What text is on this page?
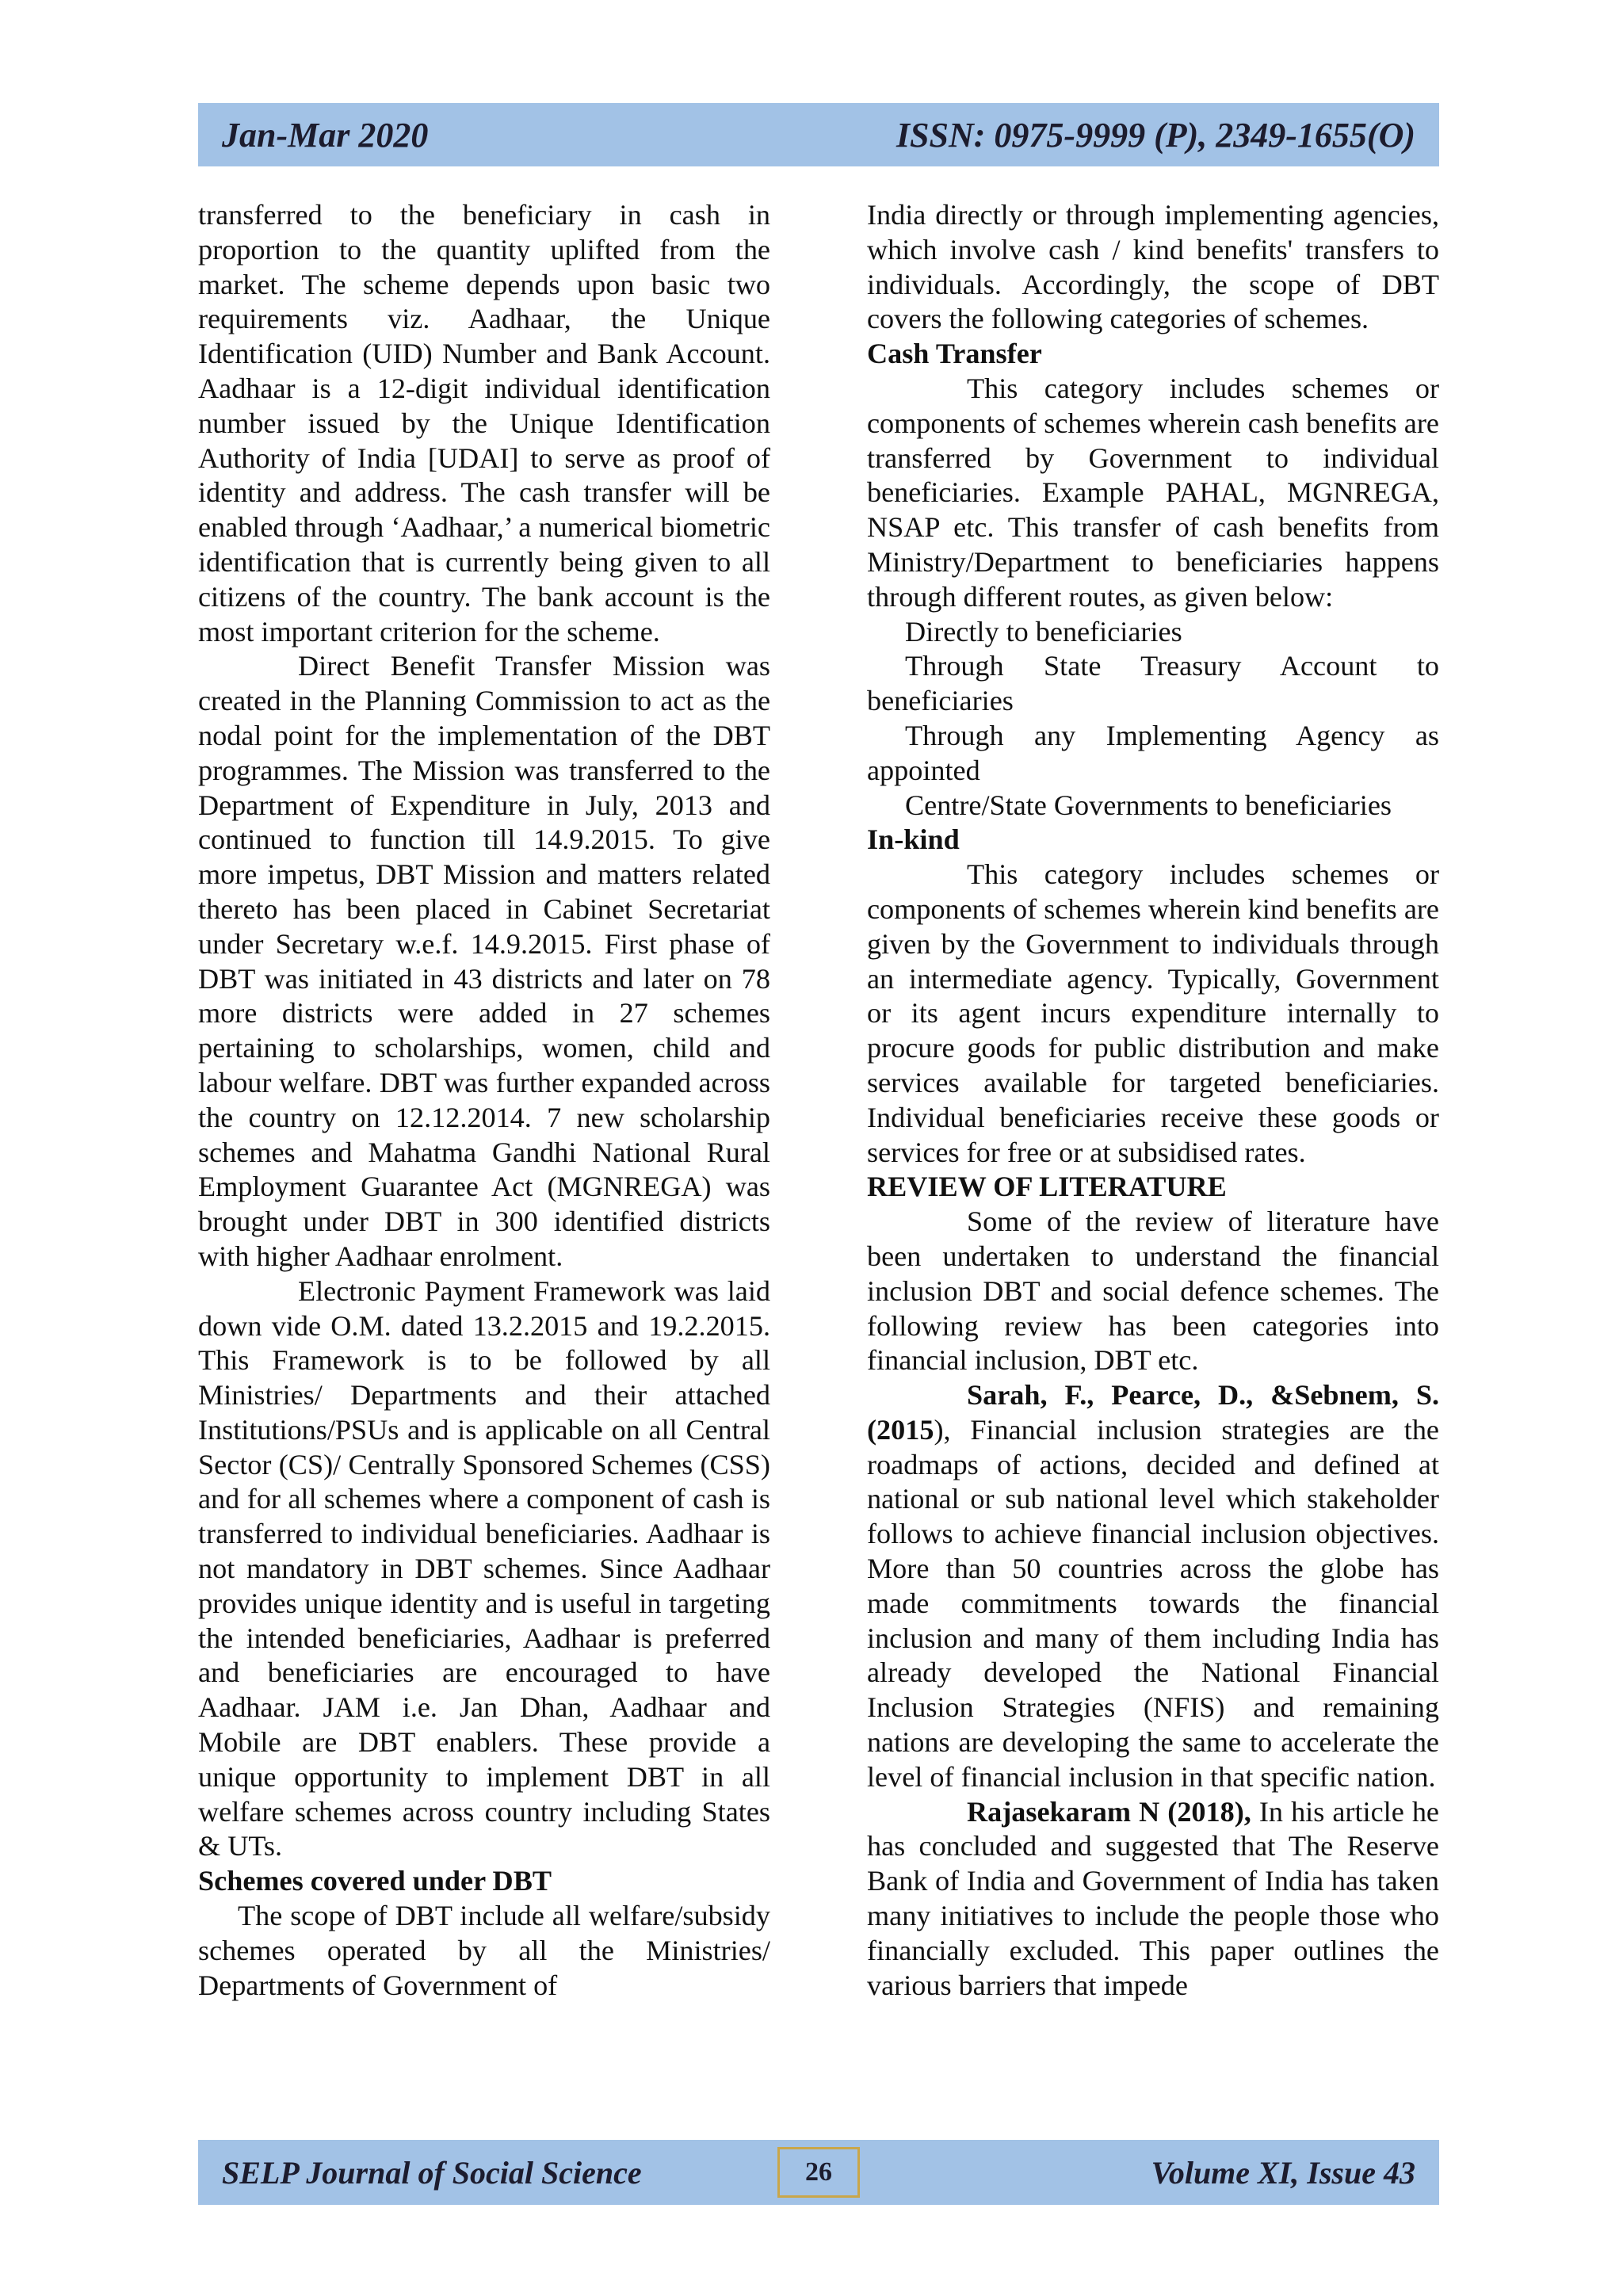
Jan-Mar 2020	ISSN: 0975-9999 (P), 2349-1655(O)

transferred to the beneficiary in cash in proportion to the quantity uplifted from the market. The scheme depends upon basic two requirements viz. Aadhaar, the Unique Identification (UID) Number and Bank Account. Aadhaar is a 12-digit individual identification number issued by the Unique Identification Authority of India [UDAI] to serve as proof of identity and address. The cash transfer will be enabled through ‘Aadhaar,’ a numerical biometric identification that is currently being given to all citizens of the country. The bank account is the most important criterion for the scheme.

Direct Benefit Transfer Mission was created in the Planning Commission to act as the nodal point for the implementation of the DBT programmes. The Mission was transferred to the Department of Expenditure in July, 2013 and continued to function till 14.9.2015. To give more impetus, DBT Mission and matters related thereto has been placed in Cabinet Secretariat under Secretary w.e.f. 14.9.2015. First phase of DBT was initiated in 43 districts and later on 78 more districts were added in 27 schemes pertaining to scholarships, women, child and labour welfare. DBT was further expanded across the country on 12.12.2014. 7 new scholarship schemes and Mahatma Gandhi National Rural Employment Guarantee Act (MGNREGA) was brought under DBT in 300 identified districts with higher Aadhaar enrolment.

Electronic Payment Framework was laid down vide O.M. dated 13.2.2015 and 19.2.2015. This Framework is to be followed by all Ministries/ Departments and their attached Institutions/PSUs and is applicable on all Central Sector (CS)/ Centrally Sponsored Schemes (CSS) and for all schemes where a component of cash is transferred to individual beneficiaries. Aadhaar is not mandatory in DBT schemes. Since Aadhaar provides unique identity and is useful in targeting the intended beneficiaries, Aadhaar is preferred and beneficiaries are encouraged to have Aadhaar. JAM i.e. Jan Dhan, Aadhaar and Mobile are DBT enablers. These provide a unique opportunity to implement DBT in all welfare schemes across country including States & UTs.

Schemes covered under DBT

The scope of DBT include all welfare/subsidy schemes operated by all the Ministries/ Departments of Government of

India directly or through implementing agencies, which involve cash / kind benefits' transfers to individuals. Accordingly, the scope of DBT covers the following categories of schemes.

Cash Transfer

This category includes schemes or components of schemes wherein cash benefits are transferred by Government to individual beneficiaries. Example PAHAL, MGNREGA, NSAP etc. This transfer of cash benefits from Ministry/Department to beneficiaries happens through different routes, as given below:

Directly to beneficiaries

Through State Treasury Account to beneficiaries

Through any Implementing Agency as appointed

Centre/State Governments to beneficiaries

In-kind

This category includes schemes or components of schemes wherein kind benefits are given by the Government to individuals through an intermediate agency. Typically, Government or its agent incurs expenditure internally to procure goods for public distribution and make services available for targeted beneficiaries. Individual beneficiaries receive these goods or services for free or at subsidised rates.

REVIEW OF LITERATURE

Some of the review of literature have been undertaken to understand the financial inclusion DBT and social defence schemes. The following review has been categories into financial inclusion, DBT etc.

Sarah, F., Pearce, D., &Sebnem, S. (2015), Financial inclusion strategies are the roadmaps of actions, decided and defined at national or sub national level which stakeholder follows to achieve financial inclusion objectives. More than 50 countries across the globe has made commitments towards the financial inclusion and many of them including India has already developed the National Financial Inclusion Strategies (NFIS) and remaining nations are developing the same to accelerate the level of financial inclusion in that specific nation.

Rajasekaram N (2018), In his article he has concluded and suggested that The Reserve Bank of India and Government of India has taken many initiatives to include the people those who financially excluded. This paper outlines the various barriers that impede

SELP Journal of Social Science	26	Volume XI, Issue 43
